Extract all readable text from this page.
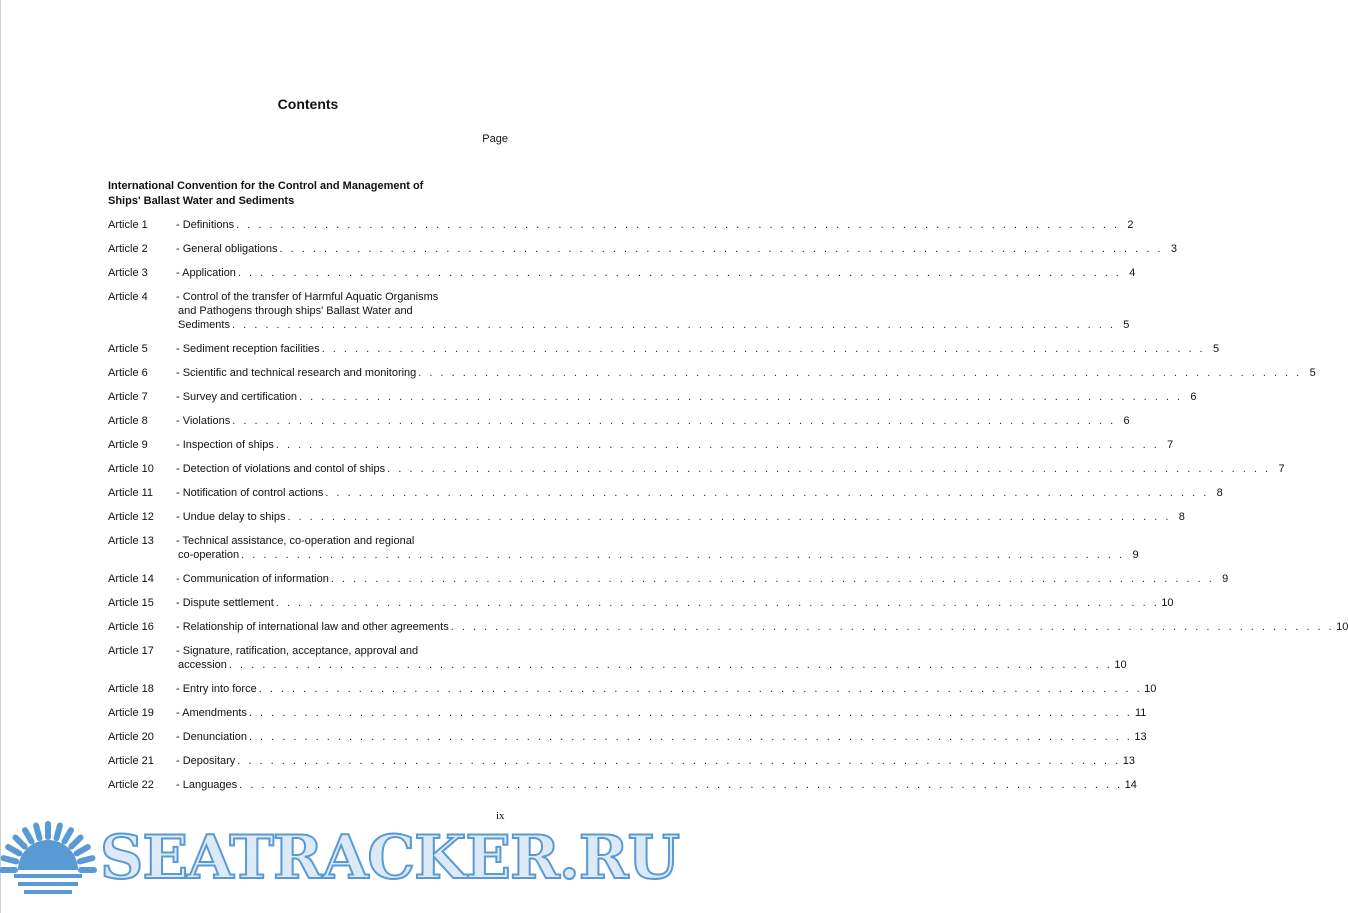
Contents
Page
International Convention for the Control and Management of
Ships' Ballast Water and Sediments
Article 1	- Definitions . . . . . . . . . . . . . . . . . . . . . . . . . . . . . . . . . . . . . . . . . . . . . . . . . . . . . . . . . . . . . . . . . . . . . . . . . . . . . . . . 2
Article 2	- General obligations . . . . . . . . . . . . . . . . . . . . . . . . . . . . . . . . . . . . . . . . . . . . . . . . . . . . . . . . . . . . . . . . . . . . . . . . . . . . . . . . 3
Article 3	- Application . . . . . . . . . . . . . . . . . . . . . . . . . . . . . . . . . . . . . . . . . . . . . . . . . . . . . . . . . . . . . . . . . . . . . . . . . . . . . . . . 4
Article 4	- Control of the transfer of Harmful Aquatic Organisms
and Pathogens through ships' Ballast Water and
Sediments . . . . . . . . . . . . . . . . . . . . . . . . . . . . . . . . . . . . . . . . . . . . . . . . . . . . . . . . . . . . . . . . . . . . . . . . . . . . . . . . 5
Article 5	- Sediment reception facilities . . . . . . . . . . . . . . . . . . . . . . . . . . . . . . . . . . . . . . . . . . . . . . . . . . . . . . . . . . . . . . . . . . . . . . . . . . . . . . . . 5
Article 6	- Scientific and technical research and monitoring . . . . . . . . . . . . . . . . . . . . . . . . . . . . . . . . . . . . . . . . . . . . . . . . . . . . . . . . . . . . . . . . . . . . . . . . . . . . . . . . 5
Article 7	- Survey and certification . . . . . . . . . . . . . . . . . . . . . . . . . . . . . . . . . . . . . . . . . . . . . . . . . . . . . . . . . . . . . . . . . . . . . . . . . . . . . . . . 6
Article 8	- Violations . . . . . . . . . . . . . . . . . . . . . . . . . . . . . . . . . . . . . . . . . . . . . . . . . . . . . . . . . . . . . . . . . . . . . . . . . . . . . . . . 6
Article 9	- Inspection of ships . . . . . . . . . . . . . . . . . . . . . . . . . . . . . . . . . . . . . . . . . . . . . . . . . . . . . . . . . . . . . . . . . . . . . . . . . . . . . . . . 7
Article 10	- Detection of violations and contol of ships . . . . . . . . . . . . . . . . . . . . . . . . . . . . . . . . . . . . . . . . . . . . . . . . . . . . . . . . . . . . . . . . . . . . . . . . . . . . . . . . 7
Article 11	- Notification of control actions . . . . . . . . . . . . . . . . . . . . . . . . . . . . . . . . . . . . . . . . . . . . . . . . . . . . . . . . . . . . . . . . . . . . . . . . . . . . . . . . 8
Article 12	- Undue delay to ships . . . . . . . . . . . . . . . . . . . . . . . . . . . . . . . . . . . . . . . . . . . . . . . . . . . . . . . . . . . . . . . . . . . . . . . . . . . . . . . . 8
Article 13	- Technical assistance, co-operation and regional
co-operation . . . . . . . . . . . . . . . . . . . . . . . . . . . . . . . . . . . . . . . . . . . . . . . . . . . . . . . . . . . . . . . . . . . . . . . . . . . . . . . . 9
Article 14	- Communication of information . . . . . . . . . . . . . . . . . . . . . . . . . . . . . . . . . . . . . . . . . . . . . . . . . . . . . . . . . . . . . . . . . . . . . . . . . . . . . . . . 9
Article 15	- Dispute settlement . . . . . . . . . . . . . . . . . . . . . . . . . . . . . . . . . . . . . . . . . . . . . . . . . . . . . . . . . . . . . . . . . . . . . . . . . . . . . . . . 10
Article 16	- Relationship of international law and other agreements . . . . . . . . . . . . . . . . . . . . . . . . . . . . . . . . . . . . . . . . . . . . . . . . . . . . . . . . . . . . . . . . . . . . . . . . . . . . . . . . 10
Article 17	- Signature, ratification, acceptance, approval and
accession . . . . . . . . . . . . . . . . . . . . . . . . . . . . . . . . . . . . . . . . . . . . . . . . . . . . . . . . . . . . . . . . . . . . . . . . . . . . . . . . 10
Article 18	- Entry into force . . . . . . . . . . . . . . . . . . . . . . . . . . . . . . . . . . . . . . . . . . . . . . . . . . . . . . . . . . . . . . . . . . . . . . . . . . . . . . . . 10
Article 19	- Amendments . . . . . . . . . . . . . . . . . . . . . . . . . . . . . . . . . . . . . . . . . . . . . . . . . . . . . . . . . . . . . . . . . . . . . . . . . . . . . . . . 11
Article 20	- Denunciation . . . . . . . . . . . . . . . . . . . . . . . . . . . . . . . . . . . . . . . . . . . . . . . . . . . . . . . . . . . . . . . . . . . . . . . . . . . . . . . . 13
Article 21	- Depositary . . . . . . . . . . . . . . . . . . . . . . . . . . . . . . . . . . . . . . . . . . . . . . . . . . . . . . . . . . . . . . . . . . . . . . . . . . . . . . . . 13
Article 22	- Languages . . . . . . . . . . . . . . . . . . . . . . . . . . . . . . . . . . . . . . . . . . . . . . . . . . . . . . . . . . . . . . . . . . . . . . . . . . . . . . . . 14
ix
SEATRACKER.RU
